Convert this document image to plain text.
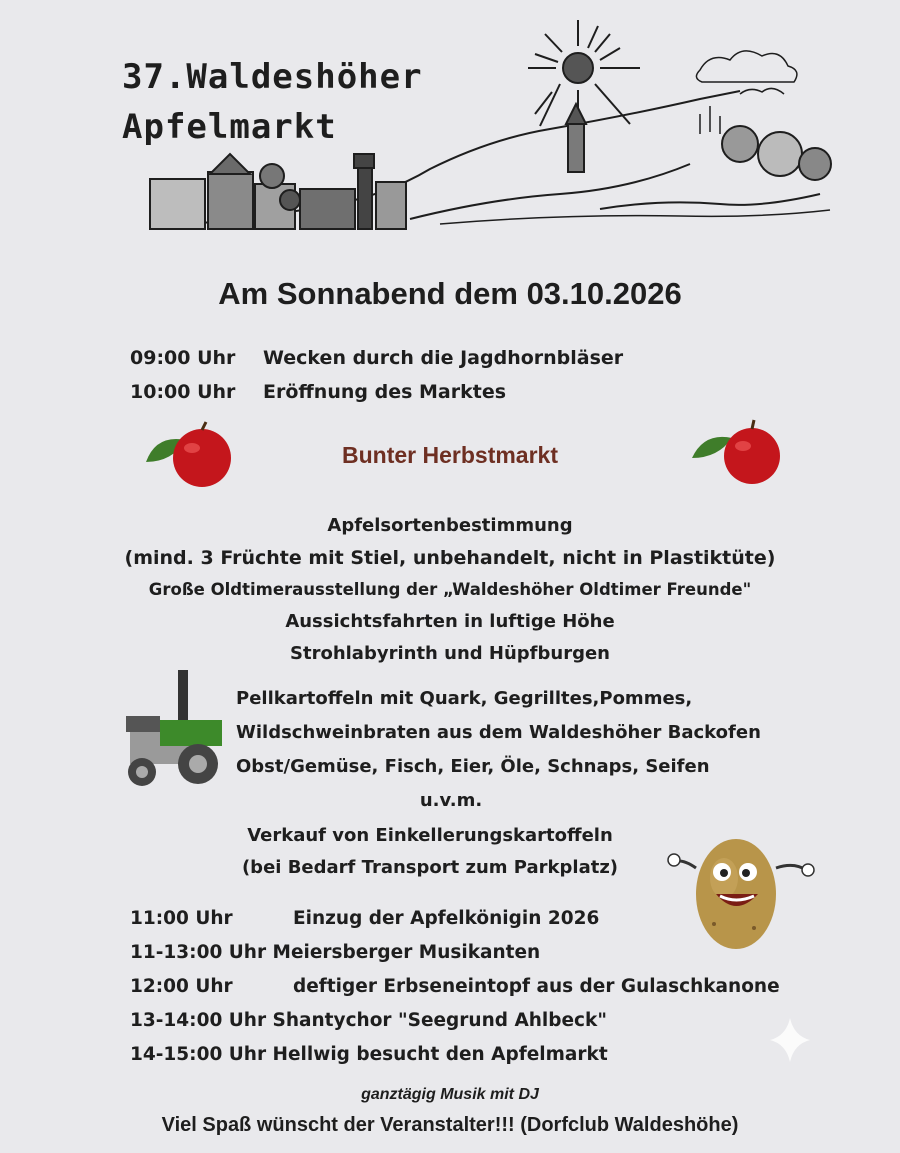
37.Waldeshöher
Apfelmarkt
Am Sonnabend dem 03.10.2026
09:00 Uhr Wecken durch die Jagdhornbläser
10:00 Uhr Eröffnung des Marktes
Bunter Herbstmarkt
Apfelsortenbestimmung
(mind. 3 Früchte mit Stiel, unbehandelt, nicht in Plastiktüte)
Große Oldtimerausstellung der „Waldeshöher Oldtimer Freunde"
Aussichtsfahrten in luftige Höhe
Strohlabyrinth und Hüpfburgen
Pellkartoffeln mit Quark, Gegrilltes,Pommes,
Wildschweinbraten aus dem Waldeshöher Backofen
Obst/Gemüse, Fisch, Eier, Öle, Schnaps, Seifen
u.v.m.
Verkauf von Einkellerungskartoffeln
(bei Bedarf Transport zum Parkplatz)
11:00 Uhr	Einzug der Apfelkönigin 2026
11-13:00 Uhr Meiersberger Musikanten
12:00 Uhr	deftiger Erbseneintopf aus der Gulaschkanone
13-14:00 Uhr Shantychor "Seegrund Ahlbeck"
14-15:00 Uhr Hellwig besucht den Apfelmarkt
ganztägig Musik mit DJ
Viel Spaß wünscht der Veranstalter!!! (Dorfclub Waldeshöhe)
